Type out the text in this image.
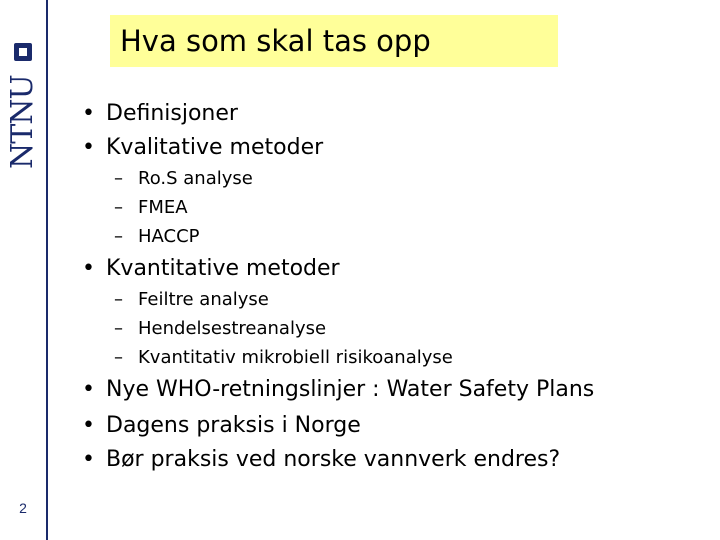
NTNU
2
Hva som skal tas opp
• Definisjoner
• Kvalitative metoder
– Ro.S analyse
– FMEA
– HACCP
• Kvantitative metoder
– Feiltre analyse
– Hendelsestreanalyse
– Kvantitativ mikrobiell risikoanalyse
• Nye WHO-retningslinjer : Water Safety Plans
• Dagens praksis i Norge
• Bør praksis ved norske vannverk endres?
